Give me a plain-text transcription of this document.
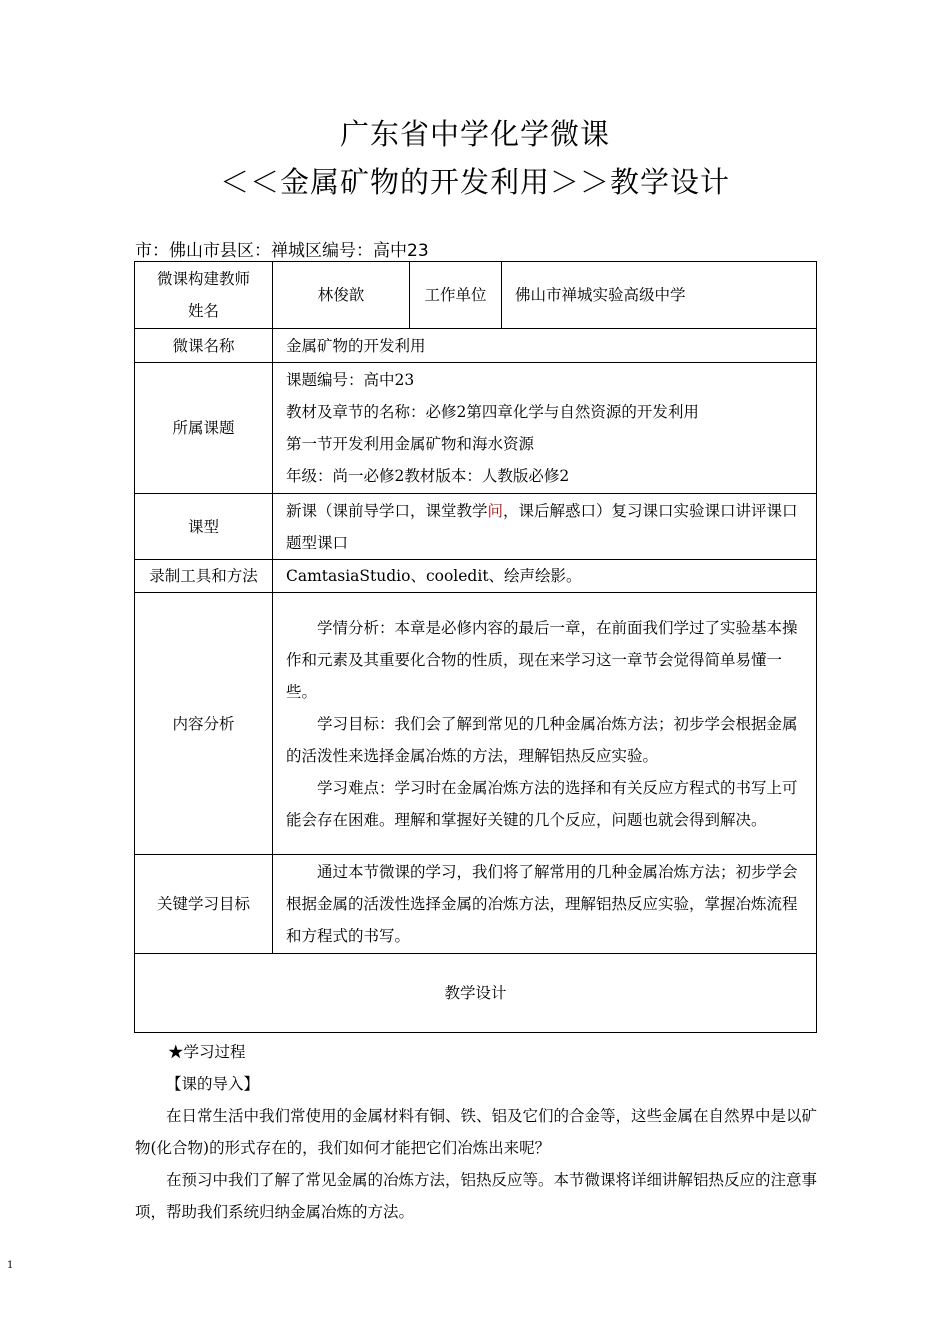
广东省中学化学微课
＜＜金属矿物的开发利用＞＞教学设计
市：佛山市县区：禅城区编号：高中23
微课构建教师
姓名	林俊歆	工作单位	佛山市禅城实验高级中学
微课名称	金属矿物的开发利用		
所属课题	课题编号：高中23
教材及章节的名称：必修2第四章化学与自然资源的开发利用
第一节开发利用金属矿物和海水资源
年级：尚一必修2教材版本：人教版必修2		

课型	新课（课前导学口，课堂教学问，课后解惑口）复习课口实验课口讲评课口题型课口		
录制工具和方法	CamtasiaStudio、cooledit、绘声绘影。		
内容分析	学情分析：本章是必修内容的最后一章，在前面我们学过了实验基本操作和元素及其重要化合物的性质，现在来学习这一章节会觉得简单易懂一些。
学习目标：我们会了解到常见的几种金属冶炼方法；初步学会根据金属的活泼性来选择金属冶炼的方法，理解铝热反应实验。
学习难点：学习时在金属冶炼方法的选择和有关反应方程式的书写上可能会存在困难。理解和掌握好关键的几个反应，问题也就会得到解决。		

关键学习目标	通过本节微课的学习，我们将了解常用的几种金属冶炼方法；初步学会根据金属的活泼性选择金属的冶炼方法，理解铝热反应实验，掌握冶炼流程和方程式的书写。		

教学设计			
★学习过程
【课的导入】
在日常生活中我们常使用的金属材料有铜、铁、铝及它们的合金等，这些金属在自然界中是以矿物(化合物)的形式存在的，我们如何才能把它们冶炼出来呢？
在预习中我们了解了常见金属的冶炼方法，铝热反应等。本节微课将详细讲解铝热反应的注意事项，帮助我们系统归纳金属冶炼的方法。
1
